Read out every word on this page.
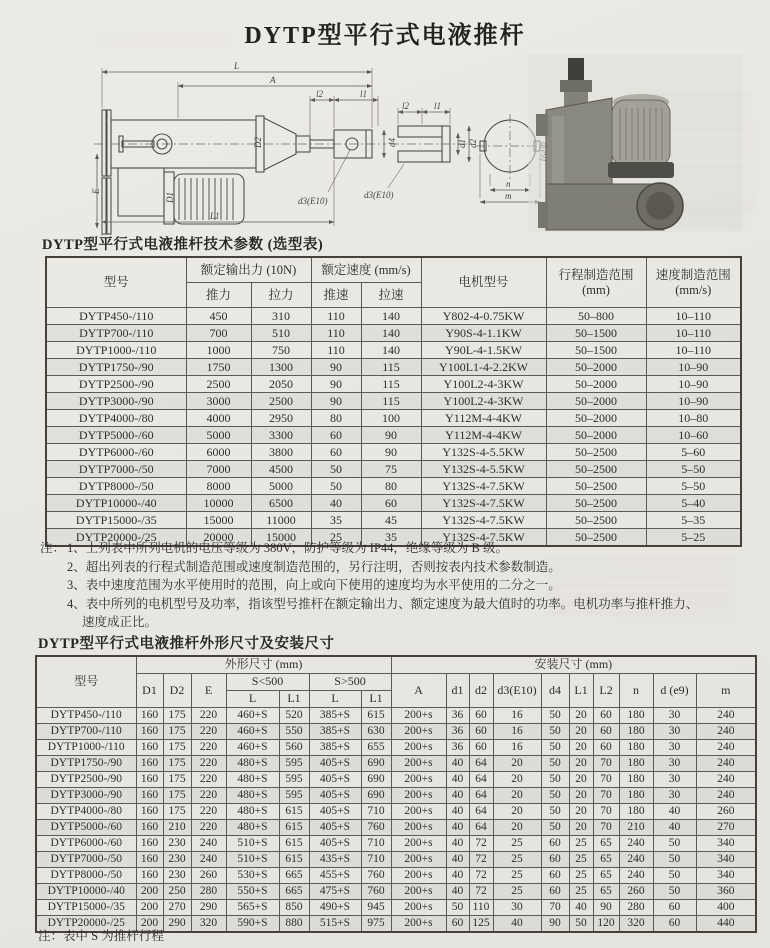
DYTP型平行式电液推杆
L
A
l2	l1
d4
D2
D1
E
L1
d3(E10)
l2	l1
d3(E10)
d1 d2
n
m
DYTP型平行式电液推杆技术参数 (选型表)
型号	额定输出力 (10N)	额定速度 (mm/s)	电机型号	
行程制造范围
(mm)

速度制造范围
(mm/s)

	推力	拉力	推速	拉速			
DYTP450-/110	450	310	110	140	Y802-4-0.75KW	50–800	10–110
DYTP700-/110	700	510	110	140	Y90S-4-1.1KW	50–1500	10–110
DYTP1000-/110	1000	750	110	140	Y90L-4-1.5KW	50–1500	10–110
DYTP1750-/90	1750	1300	90	115	Y100L1-4-2.2KW	50–2000	10–90
DYTP2500-/90	2500	2050	90	115	Y100L2-4-3KW	50–2000	10–90
DYTP3000-/90	3000	2500	90	115	Y100L2-4-3KW	50–2000	10–90
DYTP4000-/80	4000	2950	80	100	Y112M-4-4KW	50–2000	10–80
DYTP5000-/60	5000	3300	60	90	Y112M-4-4KW	50–2000	10–60
DYTP6000-/60	6000	3800	60	90	Y132S-4-5.5KW	50–2500	5–60
DYTP7000-/50	7000	4500	50	75	Y132S-4-5.5KW	50–2500	5–50
DYTP8000-/50	8000	5000	50	80	Y132S-4-7.5KW	50–2500	5–50
DYTP10000-/40	10000	6500	40	60	Y132S-4-7.5KW	50–2500	5–40
DYTP15000-/35	15000	11000	35	45	Y132S-4-7.5KW	50–2500	5–35
DYTP20000-/25	20000	15000	25	35	Y132S-4-7.5KW	50–2500	5–25
注： 1、上列表中所列电机的电压等级为 380V，防护等级为 IP44，绝缘等级为 B 级。
2、超出列表的行程式制造范围或速度制造范围的，另行注明，否则按表内技术参数制造。
3、表中速度范围为水平使用时的范围，向上或向下使用的速度均为水平使用的二分之一。
4、表中所列的电机型号及功率，指该型号推杆在额定输出力、额定速度为最大值时的功率。电机功率与推杆推力、速度成正比。
DYTP型平行式电液推杆外形尺寸及安装尺寸
型号	外形尺寸 (mm)							安装尺寸 (mm)									
	D1	D2	E	S<500		S>500		A	d1	d2	d3(E10)	d4	L1	L2	n	d (e9)	m
				L	L1	L	L1										
DYTP450-/110	160	175	220	460+S	520	385+S	615	200+s	36	60	16	50	20	60	180	30	240
DYTP700-/110	160	175	220	460+S	550	385+S	630	200+s	36	60	16	50	20	60	180	30	240
DYTP1000-/110	160	175	220	460+S	560	385+S	655	200+s	36	60	16	50	20	60	180	30	240
DYTP1750-/90	160	175	220	480+S	595	405+S	690	200+s	40	64	20	50	20	70	180	30	240
DYTP2500-/90	160	175	220	480+S	595	405+S	690	200+s	40	64	20	50	20	70	180	30	240
DYTP3000-/90	160	175	220	480+S	595	405+S	690	200+s	40	64	20	50	20	70	180	30	240
DYTP4000-/80	160	175	220	480+S	615	405+S	710	200+s	40	64	20	50	20	70	180	40	260
DYTP5000-/60	160	210	220	480+S	615	405+S	760	200+s	40	64	20	50	20	70	210	40	270
DYTP6000-/60	160	230	240	510+S	615	405+S	710	200+s	40	72	25	60	25	65	240	50	340
DYTP7000-/50	160	230	240	510+S	615	435+S	710	200+s	40	72	25	60	25	65	240	50	340
DYTP8000-/50	160	230	260	530+S	665	455+S	760	200+s	40	72	25	60	25	65	240	50	340
DYTP10000-/40	200	250	280	550+S	665	475+S	760	200+s	40	72	25	60	25	65	260	50	360
DYTP15000-/35	200	270	290	565+S	850	490+S	945	200+s	50	110	30	70	40	90	280	60	400
DYTP20000-/25	200	290	320	590+S	880	515+S	975	200+s	60	125	40	90	50	120	320	60	440
注：表中 S 为推杆行程
